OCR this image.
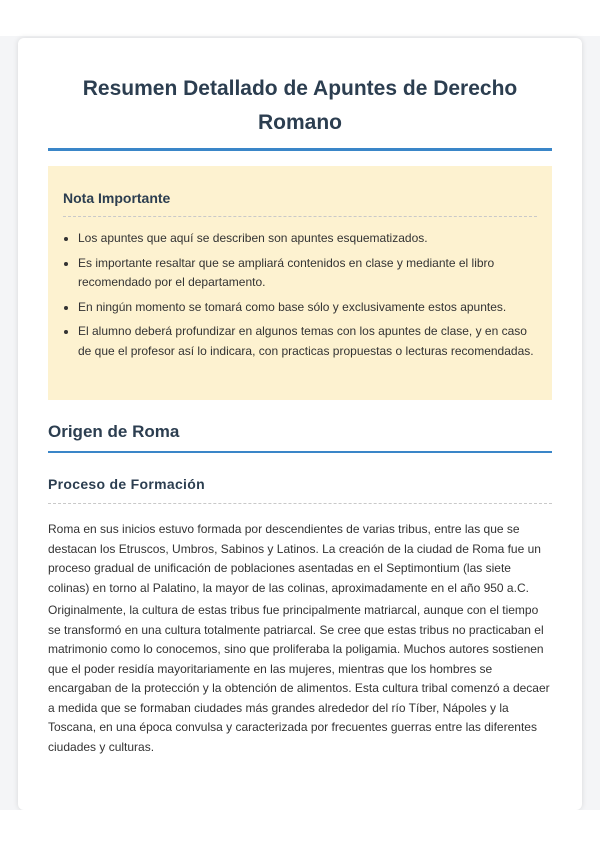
Resumen Detallado de Apuntes de Derecho Romano
Nota Importante
• Los apuntes que aquí se describen son apuntes esquematizados.
• Es importante resaltar que se ampliará contenidos en clase y mediante el libro recomendado por el departamento.
• En ningún momento se tomará como base sólo y exclusivamente estos apuntes.
• El alumno deberá profundizar en algunos temas con los apuntes de clase, y en caso de que el profesor así lo indicara, con practicas propuestas o lecturas recomendadas.
Origen de Roma
Proceso de Formación

Roma en sus inicios estuvo formada por descendientes de varias tribus, entre las que se destacan los Etruscos, Umbros, Sabinos y Latinos. La creación de la ciudad de Roma fue un proceso gradual de unificación de poblaciones asentadas en el Septimontium (las siete colinas) en torno al Palatino, la mayor de las colinas, aproximadamente en el año 950 a.C.

Originalmente, la cultura de estas tribus fue principalmente matriarcal, aunque con el tiempo se transformó en una cultura totalmente patriarcal. Se cree que estas tribus no practicaban el matrimonio como lo conocemos, sino que proliferaba la poligamia. Muchos autores sostienen que el poder residía mayoritariamente en las mujeres, mientras que los hombres se encargaban de la protección y la obtención de alimentos. Esta cultura tribal comenzó a decaer a medida que se formaban ciudades más grandes alrededor del río Tíber, Nápoles y la Toscana, en una época convulsa y caracterizada por frecuentes guerras entre las diferentes ciudades y culturas.
